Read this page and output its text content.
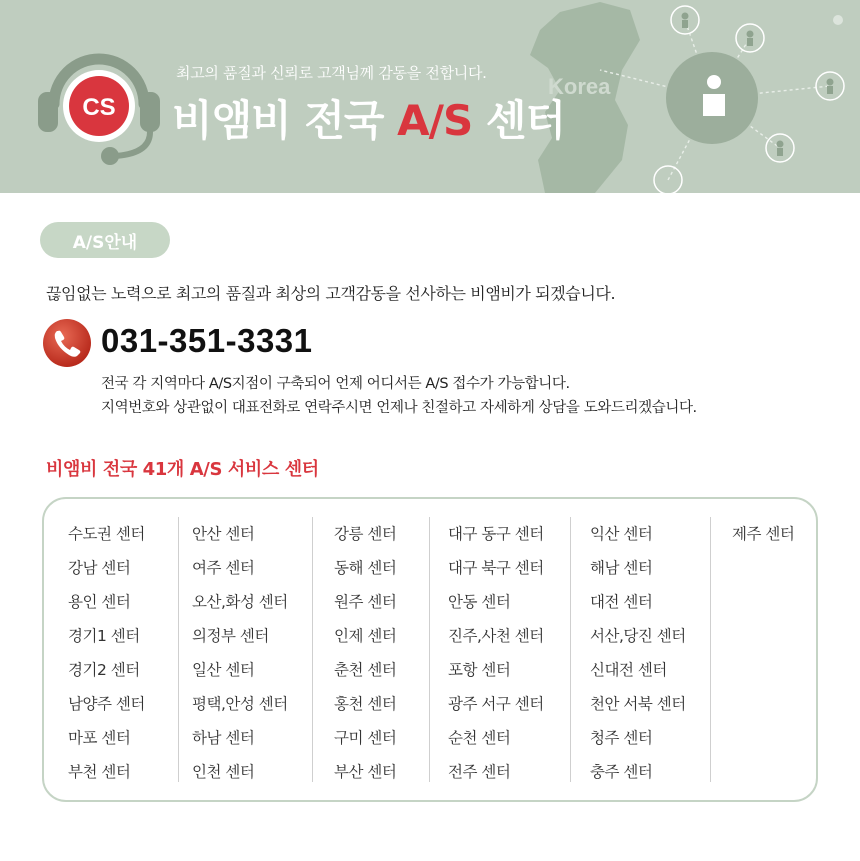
CS
최고의 품질과 신뢰로 고객님께 감동을 전합니다.
비앰비 전국 A/S 센터
Korea
A/S안내
끊임없는 노력으로 최고의 품질과 최상의 고객감동을 선사하는 비앰비가 되겠습니다.
031-351-3331
전국 각 지역마다 A/S지점이 구축되어 언제 어디서든 A/S 접수가 가능합니다.
지역번호와 상관없이 대표전화로 연락주시면 언제나 친절하고 자세하게 상담을 도와드리겠습니다.
비앰비 전국 41개 A/S 서비스 센터
수도권 센터
강남 센터
용인 센터
경기1 센터
경기2 센터
남양주 센터
마포 센터
부천 센터
안산 센터
여주 센터
오산,화성 센터
의정부 센터
일산 센터
평택,안성 센터
하남 센터
인천 센터
강릉 센터
동해 센터
원주 센터
인제 센터
춘천 센터
홍천 센터
구미 센터
부산 센터
대구 동구 센터
대구 북구 센터
안동 센터
진주,사천 센터
포항 센터
광주 서구 센터
순천 센터
전주 센터
익산 센터
해남 센터
대전 센터
서산,당진 센터
신대전 센터
천안 서북 센터
청주 센터
충주 센터
제주 센터
